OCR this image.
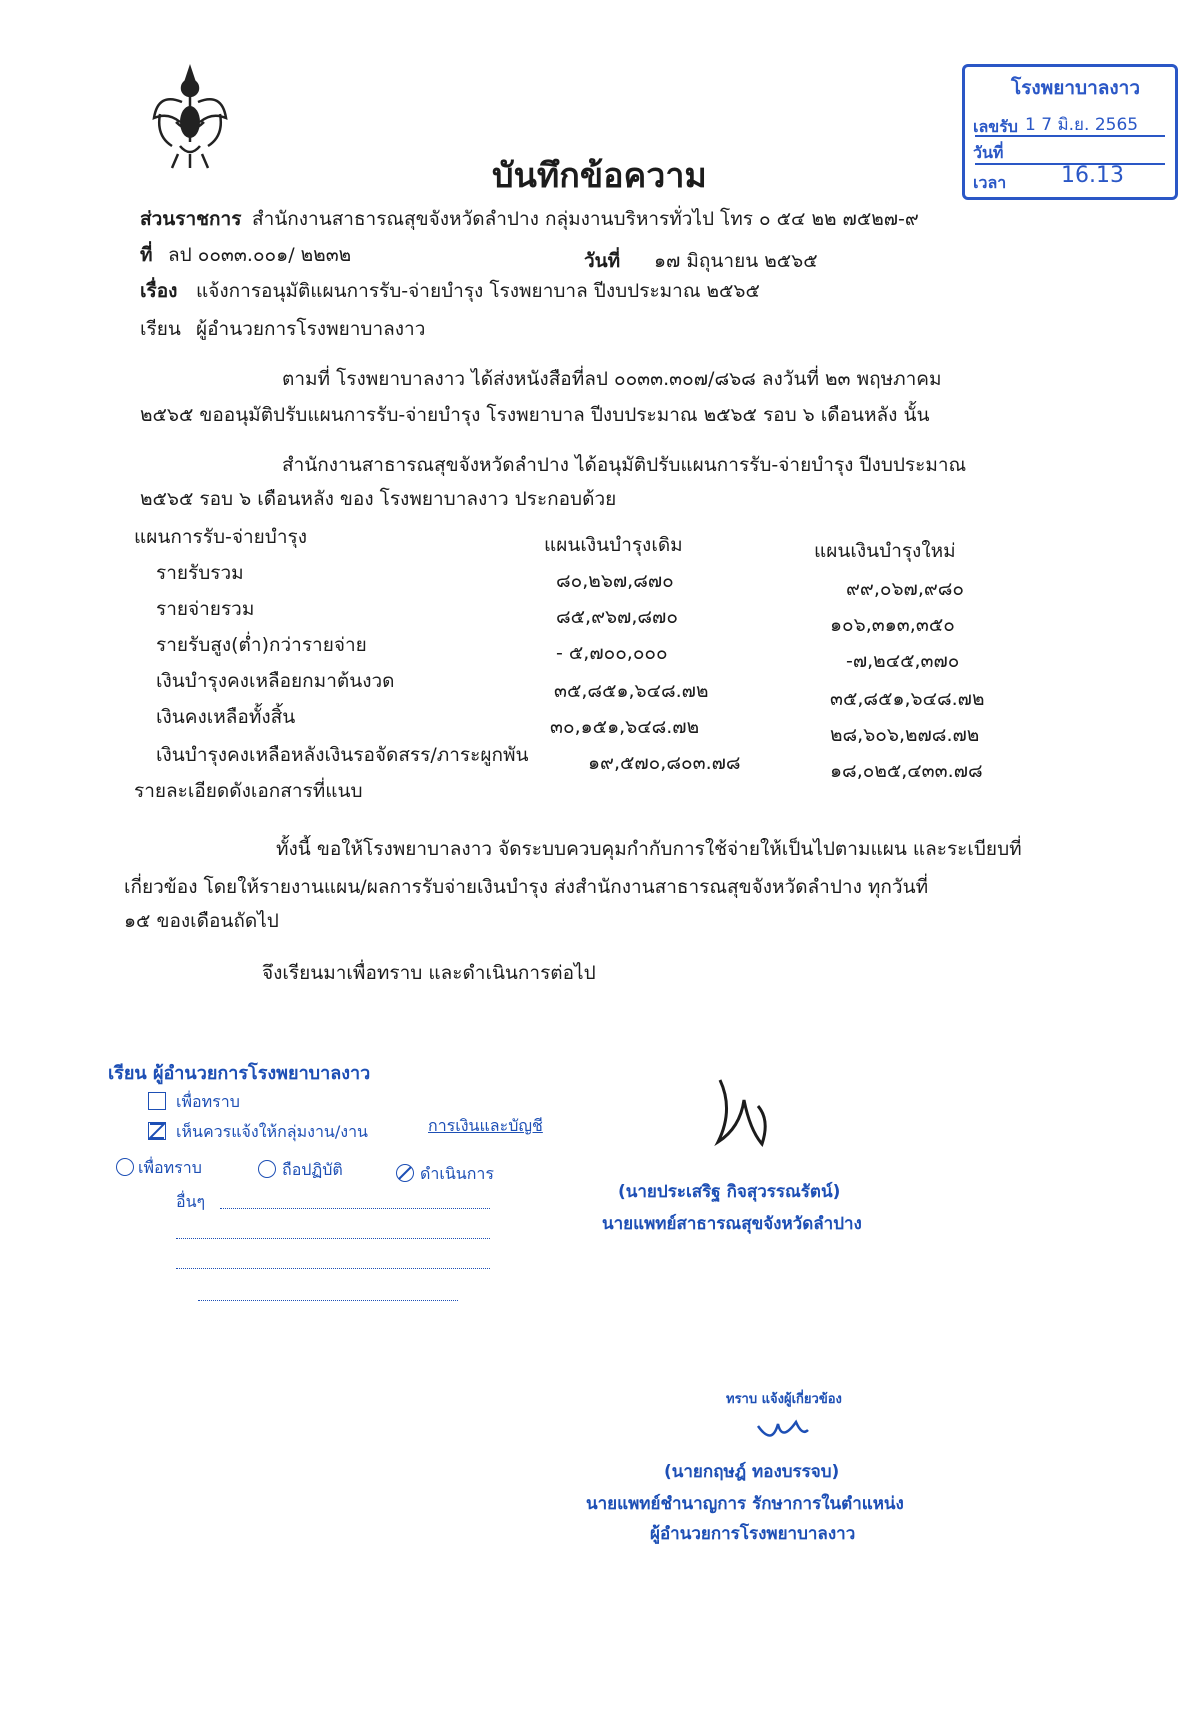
โรงพยาบาลงาว
เลขรับ 1 7 มิ.ย. 2565
วันที่
เวลา 16.13
บันทึกข้อความ
ส่วนราชการ สำนักงานสาธารณสุขจังหวัดลำปาง กลุ่มงานบริหารทั่วไป โทร ๐ ๕๔ ๒๒ ๗๕๒๗-๙
ที่ ลป ๐๐๓๓.๐๐๑/ ๒๒๓๒	วันที่ ๑๗ มิถุนายน ๒๕๖๕
เรื่อง แจ้งการอนุมัติแผนการรับ-จ่ายบำรุง โรงพยาบาล ปีงบประมาณ ๒๕๖๕
เรียน ผู้อำนวยการโรงพยาบาลงาว
ตามที่ โรงพยาบาลงาว ได้ส่งหนังสือที่ลป ๐๐๓๓.๓๐๗/๘๖๘ ลงวันที่ ๒๓ พฤษภาคม
๒๕๖๕ ขออนุมัติปรับแผนการรับ-จ่ายบำรุง โรงพยาบาล ปีงบประมาณ ๒๕๖๕ รอบ ๖ เดือนหลัง นั้น
สำนักงานสาธารณสุขจังหวัดลำปาง ได้อนุมัติปรับแผนการรับ-จ่ายบำรุง ปีงบประมาณ
๒๕๖๕ รอบ ๖ เดือนหลัง ของ โรงพยาบาลงาว ประกอบด้วย
แผนการรับ-จ่ายบำรุง	แผนเงินบำรุงเดิม	แผนเงินบำรุงใหม่
รายรับรวม	๘๐,๒๖๗,๘๗๐	๙๙,๐๖๗,๙๘๐
รายจ่ายรวม	๘๕,๙๖๗,๘๗๐	๑๐๖,๓๑๓,๓๕๐
รายรับสูง(ต่ำ)กว่ารายจ่าย	- ๕,๗๐๐,๐๐๐	-๗,๒๔๕,๓๗๐
เงินบำรุงคงเหลือยกมาต้นงวด	๓๕,๘๕๑,๖๔๘.๗๒	๓๕,๘๕๑,๖๔๘.๗๒
เงินคงเหลือทั้งสิ้น	๓๐,๑๕๑,๖๔๘.๗๒	๒๘,๖๐๖,๒๗๘.๗๒
เงินบำรุงคงเหลือหลังเงินรอจัดสรร/ภาระผูกพัน	๑๙,๕๗๐,๘๐๓.๗๘	๑๘,๐๒๕,๔๓๓.๗๘
รายละเอียดดังเอกสารที่แนบ
ทั้งนี้ ขอให้โรงพยาบาลงาว จัดระบบควบคุมกำกับการใช้จ่ายให้เป็นไปตามแผน และระเบียบที่
เกี่ยวข้อง โดยให้รายงานแผน/ผลการรับจ่ายเงินบำรุง ส่งสำนักงานสาธารณสุขจังหวัดลำปาง ทุกวันที่
๑๕ ของเดือนถัดไป
จึงเรียนมาเพื่อทราบ และดำเนินการต่อไป
เรียน ผู้อำนวยการโรงพยาบาลงาว
เพื่อทราบ
เห็นควรแจ้งให้กลุ่มงาน/งาน	การเงินและบัญชี
เพื่อทราบ	ถือปฏิบัติ	ดำเนินการ
อื่นๆ	(นายประเสริฐ กิจสุวรรณรัตน์)
นายแพทย์สาธารณสุขจังหวัดลำปาง
ทราบ แจ้งผู้เกี่ยวข้อง
(นายกฤษฎ์ ทองบรรจบ)
นายแพทย์ชำนาญการ รักษาการในตำแหน่ง
ผู้อำนวยการโรงพยาบาลงาว
